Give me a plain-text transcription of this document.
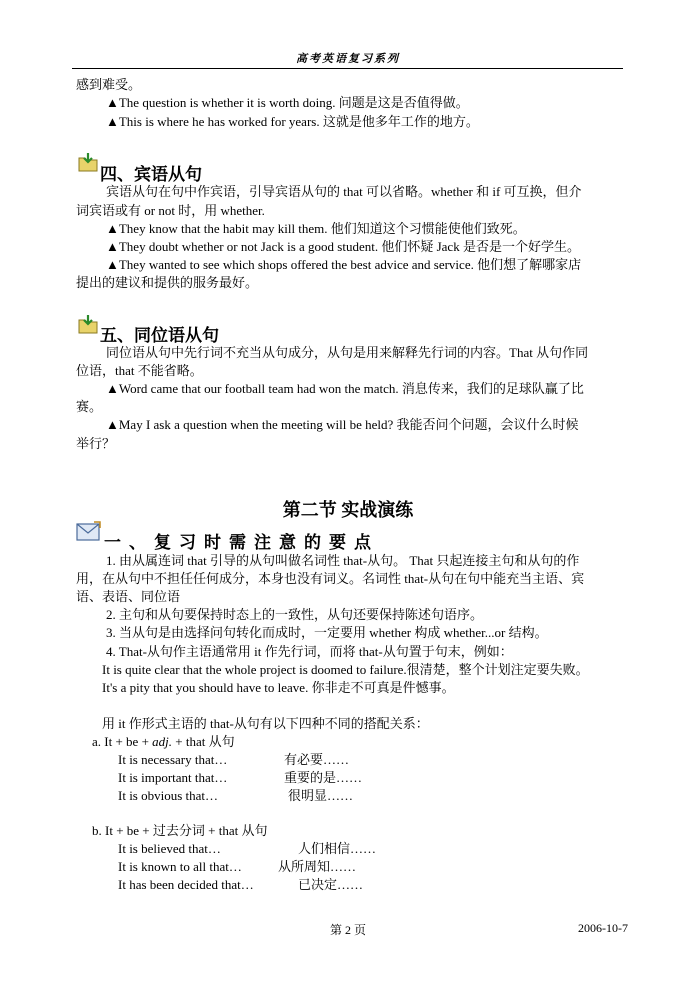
高考英语复习系列
感到难受。
▲The question is whether it is worth doing. 问题是这是否值得做。
▲This is where he has worked for years. 这就是他多年工作的地方。
四、宾语从句
宾语从句在句中作宾语，引导宾语从句的 that 可以省略。whether 和 if 可互换，但介
词宾语或有 or not 时，用 whether.
▲They know that the habit may kill them. 他们知道这个习惯能使他们致死。
▲They doubt whether or not Jack is a good student. 他们怀疑 Jack 是否是一个好学生。
▲They wanted to see which shops offered the best advice and service. 他们想了解哪家店
提出的建议和提供的服务最好。
五、同位语从句
同位语从句中先行词不充当从句成分，从句是用来解释先行词的内容。That 从句作同
位语，that 不能省略。
▲Word came that our football team had won the match. 消息传来，我们的足球队赢了比
赛。
▲May I ask a question when the meeting will be held? 我能否问个问题，会议什么时候
举行？
第二节 实战演练
一、复习时需注意的要点
1. 由从属连词 that 引导的从句叫做名词性 that-从句。 That 只起连接主句和从句的作
用，在从句中不担任任何成分，本身也没有词义。名词性 that-从句在句中能充当主语、宾
语、表语、同位语
2. 主句和从句要保持时态上的一致性，从句还要保持陈述句语序。
3. 当从句是由选择问句转化而成时，一定要用 whether 构成 whether...or 结构。
4. That-从句作主语通常用 it 作先行词，而将 that-从句置于句末，例如：
It is quite clear that the whole project is doomed to failure.很清楚，整个计划注定要失败。
It's a pity that you should have to leave. 你非走不可真是件憾事。
用 it 作形式主语的 that-从句有以下四种不同的搭配关系：
a. It + be + adj. + that 从句
It is necessary that…	有必要……
It is important that…	重要的是……
It is obvious that…	很明显……
b. It + be + 过去分词 + that 从句
It is believed that…	人们相信……
It is known to all that…	从所周知……
It has been decided that…	已决定……
第 2 页	2006-10-7
